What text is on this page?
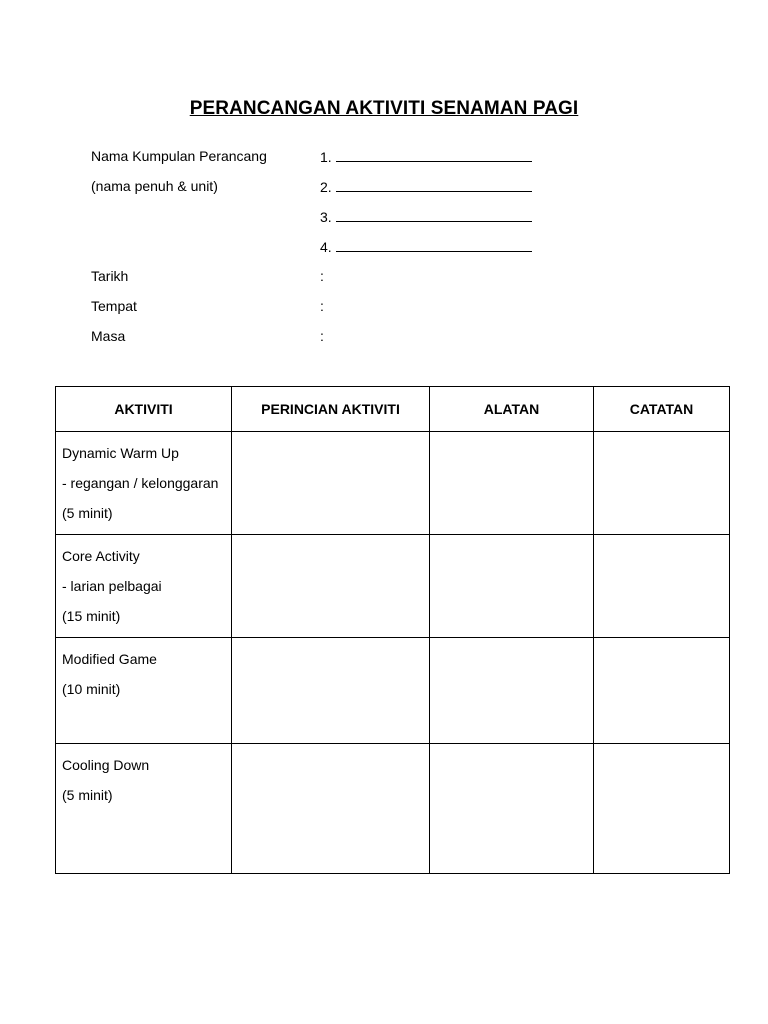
PERANCANGAN AKTIVITI SENAMAN PAGI
Nama Kumpulan Perancang	1.
(nama penuh & unit)	2.
3.
4.
Tarikh	:
Tempat	:
Masa	:
AKTIVITI	PERINCIAN AKTIVITI	ALATAN	CATATAN

Dynamic Warm Up
- regangan / kelonggaran
(5 minit)			

Core Activity
- larian pelbagai
(15 minit)			

Modified Game
(10 minit)			

Cooling Down
(5 minit)			
